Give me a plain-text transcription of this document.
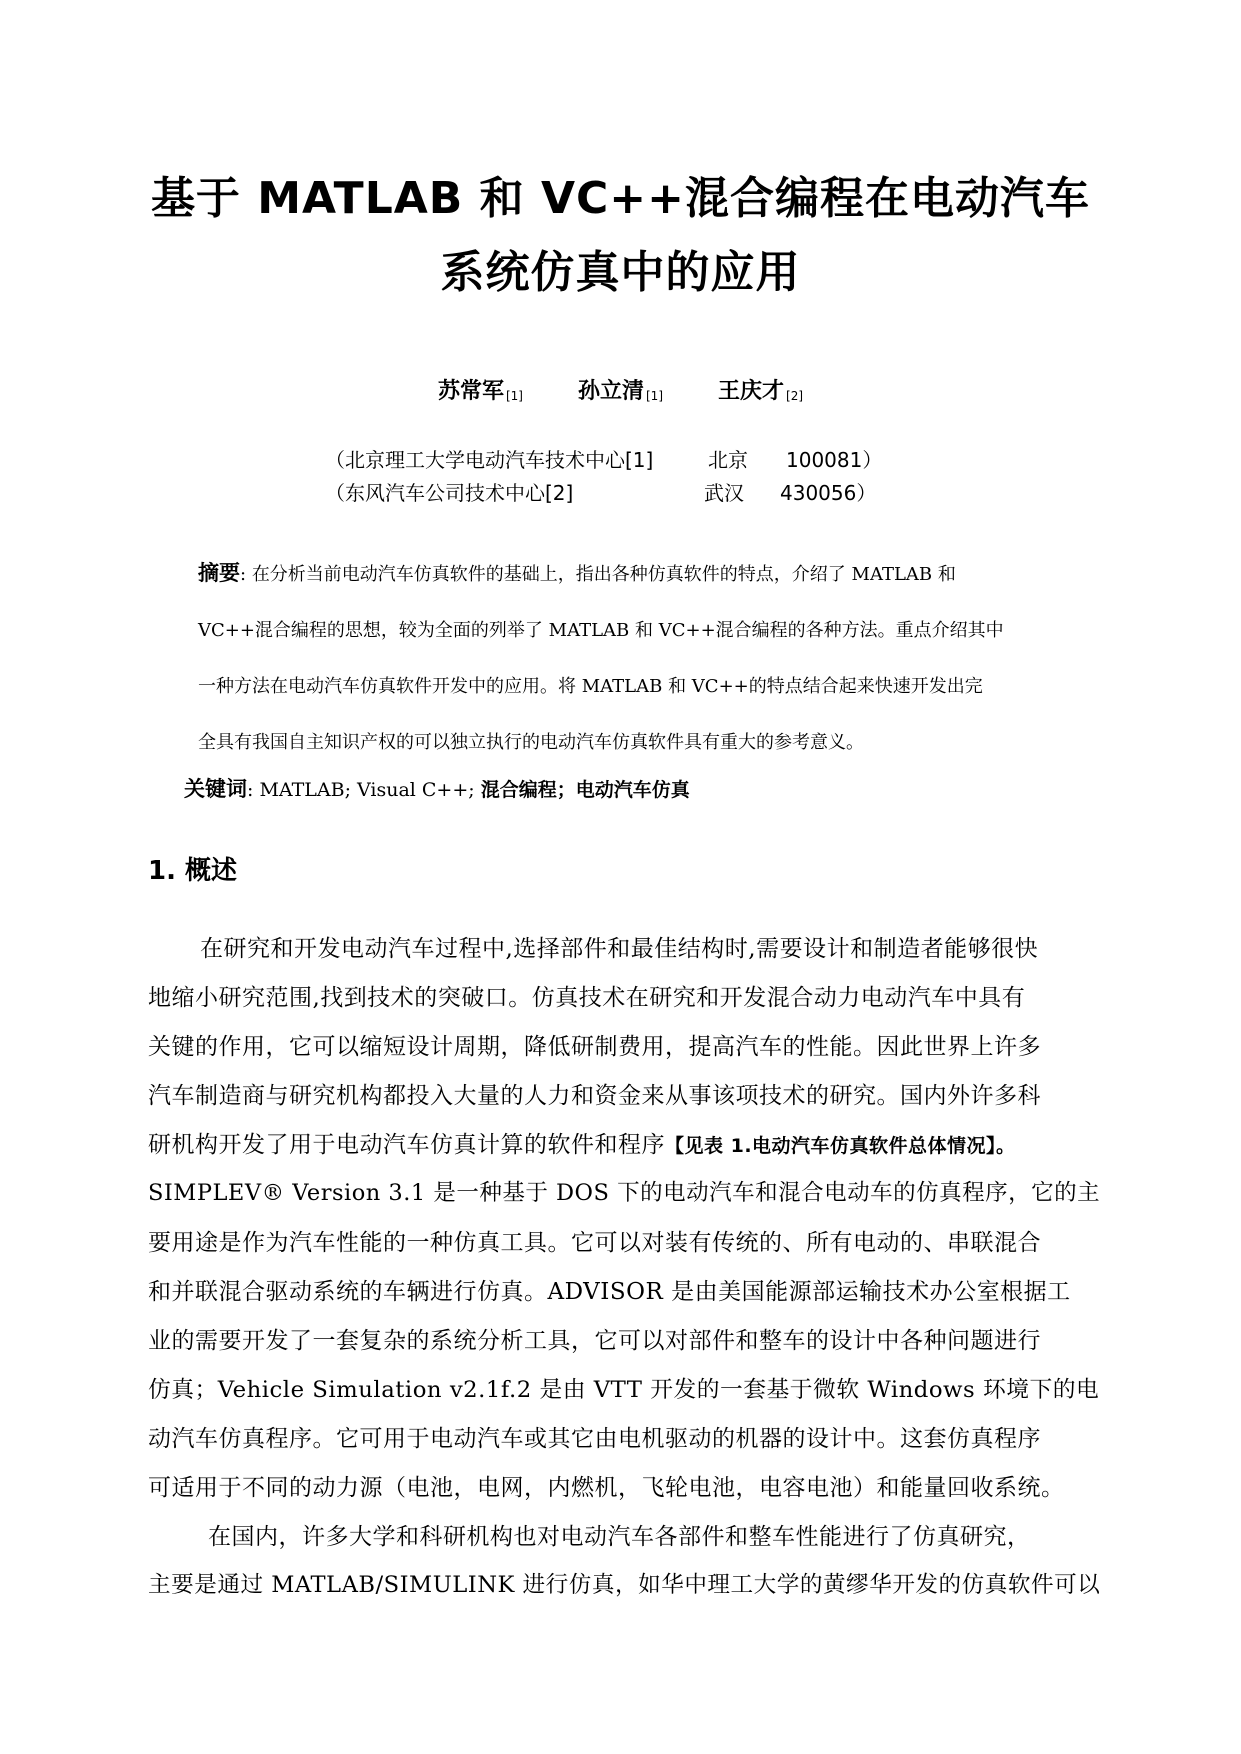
基于 MATLAB 和 VC++混合编程在电动汽车
系统仿真中的应用
苏常军 [1]	孙立清 [1]	王庆才 [2]
（北京理工大学电动汽车技术中心[1]	北京 100081）
（东风汽车公司技术中心[2]	武汉 430056）
摘要: 在分析当前电动汽车仿真软件的基础上，指出各种仿真软件的特点，介绍了 MATLAB 和
VC++混合编程的思想，较为全面的列举了 MATLAB 和 VC++混合编程的各种方法。重点介绍其中
一种方法在电动汽车仿真软件开发中的应用。将 MATLAB 和 VC++的特点结合起来快速开发出完
全具有我国自主知识产权的可以独立执行的电动汽车仿真软件具有重大的参考意义。
关键词: MATLAB; Visual C++; 混合编程；电动汽车仿真
1. 概述
在研究和开发电动汽车过程中,选择部件和最佳结构时,需要设计和制造者能够很快
地缩小研究范围,找到技术的突破口。仿真技术在研究和开发混合动力电动汽车中具有
关键的作用，它可以缩短设计周期，降低研制费用，提高汽车的性能。因此世界上许多
汽车制造商与研究机构都投入大量的人力和资金来从事该项技术的研究。国内外许多科
研机构开发了用于电动汽车仿真计算的软件和程序【见表 1.电动汽车仿真软件总体情况】。
SIMPLEV® Version 3.1 是一种基于 DOS 下的电动汽车和混合电动车的仿真程序，它的主
要用途是作为汽车性能的一种仿真工具。它可以对装有传统的、所有电动的、串联混合
和并联混合驱动系统的车辆进行仿真。ADVISOR 是由美国能源部运输技术办公室根据工
业的需要开发了一套复杂的系统分析工具，它可以对部件和整车的设计中各种问题进行
仿真；Vehicle Simulation v2.1f.2 是由 VTT 开发的一套基于微软 Windows 环境下的电
动汽车仿真程序。它可用于电动汽车或其它由电机驱动的机器的设计中。这套仿真程序
可适用于不同的动力源（电池，电网，内燃机，飞轮电池，电容电池）和能量回收系统。
在国内，许多大学和科研机构也对电动汽车各部件和整车性能进行了仿真研究，
主要是通过 MATLAB/SIMULINK 进行仿真，如华中理工大学的黄缪华开发的仿真软件可以
